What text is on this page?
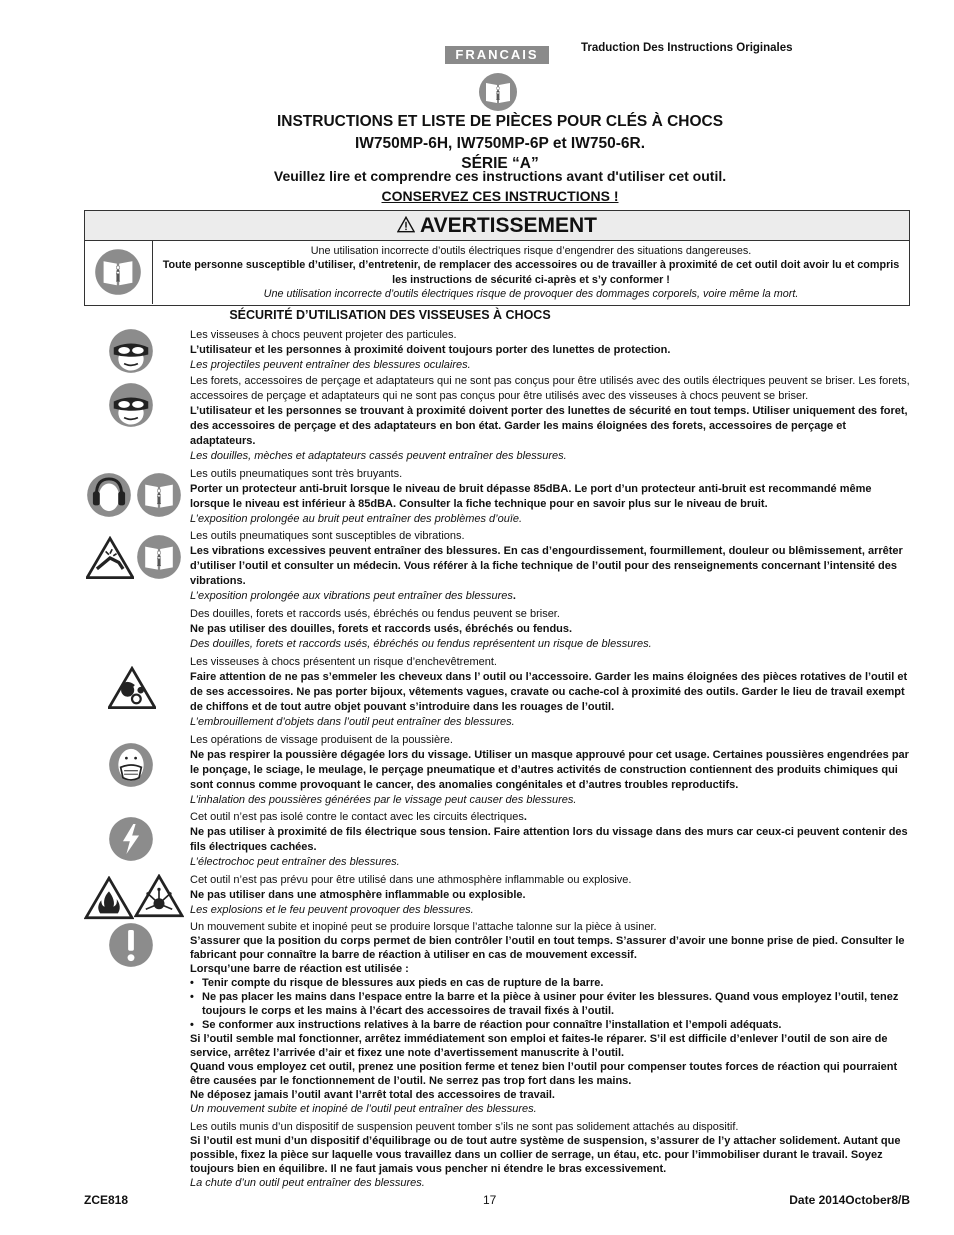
FRANCAIS	Traduction Des Instructions Originales
INSTRUCTIONS ET LISTE DE PIÈCES POUR CLÉS À CHOCS
IW750MP-6H, IW750MP-6P et IW750-6R.
SÉRIE “A”
Veuillez lire et comprendre ces instructions avant d'utiliser cet outil.
CONSERVEZ CES INSTRUCTIONS !
AVERTISSEMENT
Une utilisation incorrecte d’outils électriques risque d’engendrer des situations dangereuses.
Toute personne susceptible d’utiliser, d’entretenir, de remplacer des accessoires ou de travailler à proximité de cet outil doit avoir lu et compris les instructions de sécurité ci-après et s’y conformer !
Une utilisation incorrecte d’outils électriques risque de provoquer des dommages corporels, voire même la mort.
SÉCURITÉ D’UTILISATION DES VISSEUSES À CHOCS

Les visseuses à chocs peuvent projeter des particules.

L’utilisateur et les personnes à proximité doivent toujours porter des lunettes de protection.

Les projectiles peuvent entraîner des blessures oculaires.

Les forets, accessoires de perçage et adaptateurs qui ne sont pas conçus pour être utilisés avec des outils électriques peuvent se briser. Les forets, accessoires de perçage et adaptateurs qui ne sont pas conçus pour être utilisés avec des visseuses à chocs peuvent se briser.

L’utilisateur et les personnes se trouvant à proximité doivent porter des lunettes de sécurité en tout temps. Utiliser uniquement des foret, des accessoires de perçage et des adaptateurs en bon état. Garder les mains éloignées des forets, accessoires de perçage et adaptateurs.

Les douilles, mèches et adaptateurs cassés peuvent entraîner des blessures.

Les outils pneumatiques sont très bruyants.

Porter un protecteur anti-bruit lorsque le niveau de bruit dépasse 85dBA. Le port d’un protecteur anti-bruit est recommandé même lorsque le niveau est inférieur à 85dBA. Consulter la fiche technique pour en savoir plus sur le niveau de bruit.

L’exposition prolongée au bruit peut entraîner des problèmes d’ouïe.

Les outils pneumatiques sont susceptibles de vibrations.

Les vibrations excessives peuvent entraîner des blessures. En cas d’engourdissement, fourmillement, douleur ou blêmissement, arrêter d’utiliser l’outil et consulter un médecin. Vous référer à la fiche technique de l’outil pour des renseignements concernant l’intensité des vibrations.

L’exposition prolongée aux vibrations peut entraîner des blessures.

Des douilles, forets et raccords usés, ébréchés ou fendus peuvent se briser.

Ne pas utiliser des douilles, forets et raccords usés, ébréchés ou fendus.

Des douilles, forets et raccords usés, ébréchés ou fendus représentent un risque de blessures.

Les visseuses à chocs présentent un risque d’enchevêtrement.

Faire attention de ne pas s’emmeler les cheveux dans l’ outil ou l’accessoire. Garder les mains éloignées des pièces rotatives de l’outil et de ses accessoires. Ne pas porter bijoux, vêtements vagues, cravate ou cache-col à proximité des outils. Garder le lieu de travail exempt de chiffons et de tout autre objet pouvant s’introduire dans les rouages de l’outil.

L’embrouillement d’objets dans l’outil peut entraîner des blessures.

Les opérations de vissage produisent de la poussière.

Ne pas respirer la poussière dégagée lors du vissage. Utiliser un masque approuvé pour cet usage. Certaines poussières engendrées par le ponçage, le sciage, le meulage, le perçage pneumatique et d’autres activités de construction contiennent des produits chimiques qui sont connus comme provoquant le cancer, des anomalies congénitales et d’autres troubles reproductifs.

L’inhalation des poussières générées par le vissage peut causer des blessures.

Cet outil n’est pas isolé contre le contact avec les circuits électriques.

Ne pas utiliser à proximité de fils électrique sous tension. Faire attention lors du vissage dans des murs car ceux-ci peuvent contenir des fils électriques cachées.

L’électrochoc peut entraîner des blessures.

Cet outil n’est pas prévu pour être utilisé dans une athmosphère inflammable ou explosive.

Ne pas utiliser dans une atmosphère inflammable ou explosible.

Les explosions et le feu peuvent provoquer des blessures.

Un mouvement subite et inopiné peut se produire lorsque l’attache talonne sur la pièce à usiner.

S’assurer que la position du corps permet de bien contrôler l’outil en tout temps. S’assurer d’avoir une bonne prise de pied. Consulter le fabricant pour connaître la barre de réaction à utiliser en cas de mouvement excessif.

Lorsqu’une barre de réaction est utilisée :

• Tenir compte du risque de blessures aux pieds en cas de rupture de la barre.
• Ne pas placer les mains dans l’espace entre la barre et la pièce à usiner pour éviter les blessures. Quand vous employez l’outil, tenez toujours le corps et les mains à l’écart des accessoires de travail fixés à l’outil.
• Se conformer aux instructions relatives à la barre de réaction pour connaître l’installation et l’empoli adéquats.

Si l’outil semble mal fonctionner, arrêtez immédiatement son emploi et faites-le réparer. S’il est difficile d’enlever l’outil de son aire de service, arrêtez l’arrivée d’air et fixez une note d’avertissement manuscrite à l’outil.

Quand vous employez cet outil, prenez une position ferme et tenez bien l’outil pour compenser toutes forces de réaction qui pourraient être causées par le fonctionnement de l’outil. Ne serrez pas trop fort dans les mains.

Ne déposez jamais l’outil avant l’arrêt total des accessoires de travail.

Un mouvement subite et inopiné de l’outil peut entraîner des blessures.

Les outils munis d’un dispositif de suspension peuvent tomber s’ils ne sont pas solidement attachés au dispositif.

Si l’outil est muni d’un dispositif d’équilibrage ou de tout autre système de suspension, s’assurer de l’y attacher solidement. Autant que possible, fixez la pièce sur laquelle vous travaillez dans un collier de serrage, un étau, etc. pour l’immobiliser durant le travail. Soyez toujours bien en équilibre. Il ne faut jamais vous pencher ni étendre le bras excessivement.

La chute d’un outil peut entraîner des blessures.

ZCE818	17	Date 2014October8/B
